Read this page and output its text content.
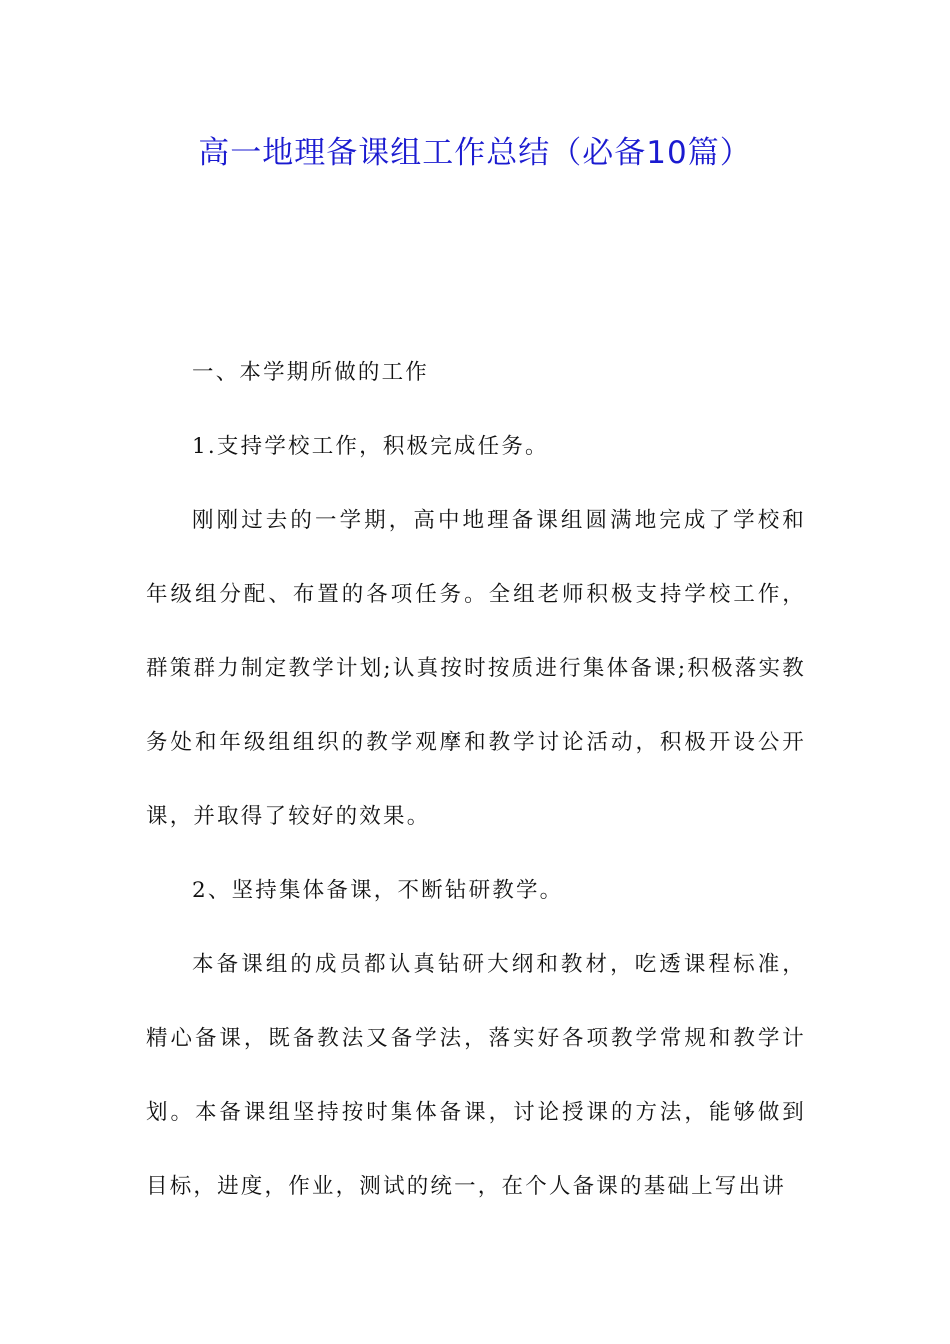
高一地理备课组工作总结（必备10篇）

一、本学期所做的工作

1.支持学校工作，积极完成任务。

刚刚过去的一学期，高中地理备课组圆满地完成了学校和年级组分配、布置的各项任务。全组老师积极支持学校工作，群策群力制定教学计划;认真按时按质进行集体备课;积极落实教务处和年级组组织的教学观摩和教学讨论活动，积极开设公开课，并取得了较好的效果。

2、坚持集体备课，不断钻研教学。

本备课组的成员都认真钻研大纲和教材，吃透课程标准，精心备课，既备教法又备学法，落实好各项教学常规和教学计划。本备课组坚持按时集体备课，讨论授课的方法，能够做到目标，进度，作业，测试的统一，在个人备课的基础上写出讲
